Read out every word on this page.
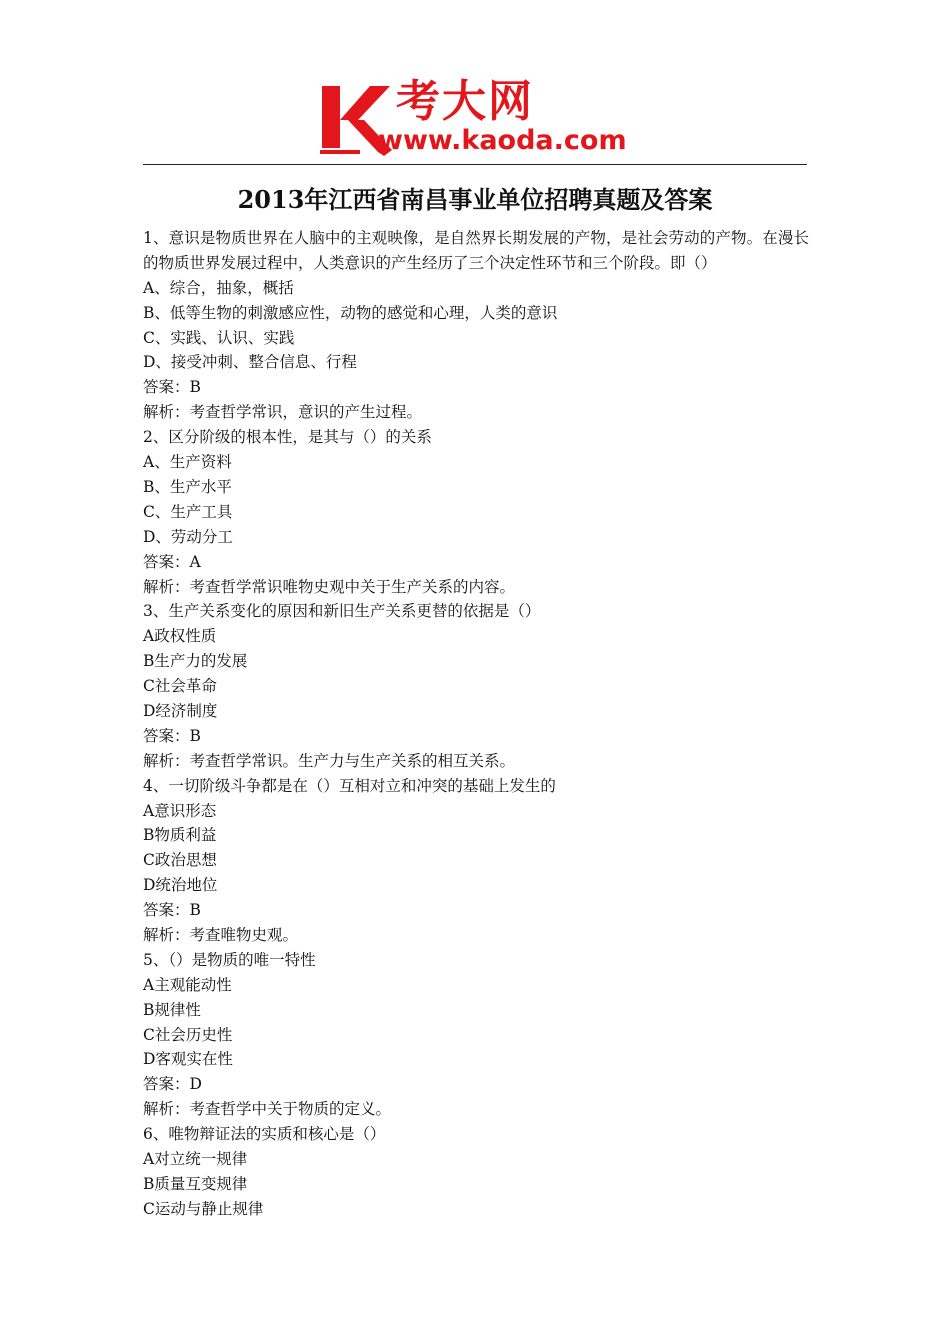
考大网
www.kaoda.com
2013年江西省南昌事业单位招聘真题及答案
1、意识是物质世界在人脑中的主观映像，是自然界长期发展的产物，是社会劳动的产物。在漫长的物质世界发展过程中，人类意识的产生经历了三个决定性环节和三个阶段。即（）
A、综合，抽象，概括
B、低等生物的刺激感应性，动物的感觉和心理，人类的意识
C、实践、认识、实践
D、接受冲刺、整合信息、行程
答案：B
解析：考查哲学常识，意识的产生过程。
2、区分阶级的根本性，是其与（）的关系
A、生产资料
B、生产水平
C、生产工具
D、劳动分工
答案：A
解析：考查哲学常识唯物史观中关于生产关系的内容。
3、生产关系变化的原因和新旧生产关系更替的依据是（）
A政权性质
B生产力的发展
C社会革命
D经济制度
答案：B
解析：考查哲学常识。生产力与生产关系的相互关系。
4、一切阶级斗争都是在（）互相对立和冲突的基础上发生的
A意识形态
B物质利益
C政治思想
D统治地位
答案：B
解析：考查唯物史观。
5、（）是物质的唯一特性
A主观能动性
B规律性
C社会历史性
D客观实在性
答案：D
解析：考查哲学中关于物质的定义。
6、唯物辩证法的实质和核心是（）
A对立统一规律
B质量互变规律
C运动与静止规律
